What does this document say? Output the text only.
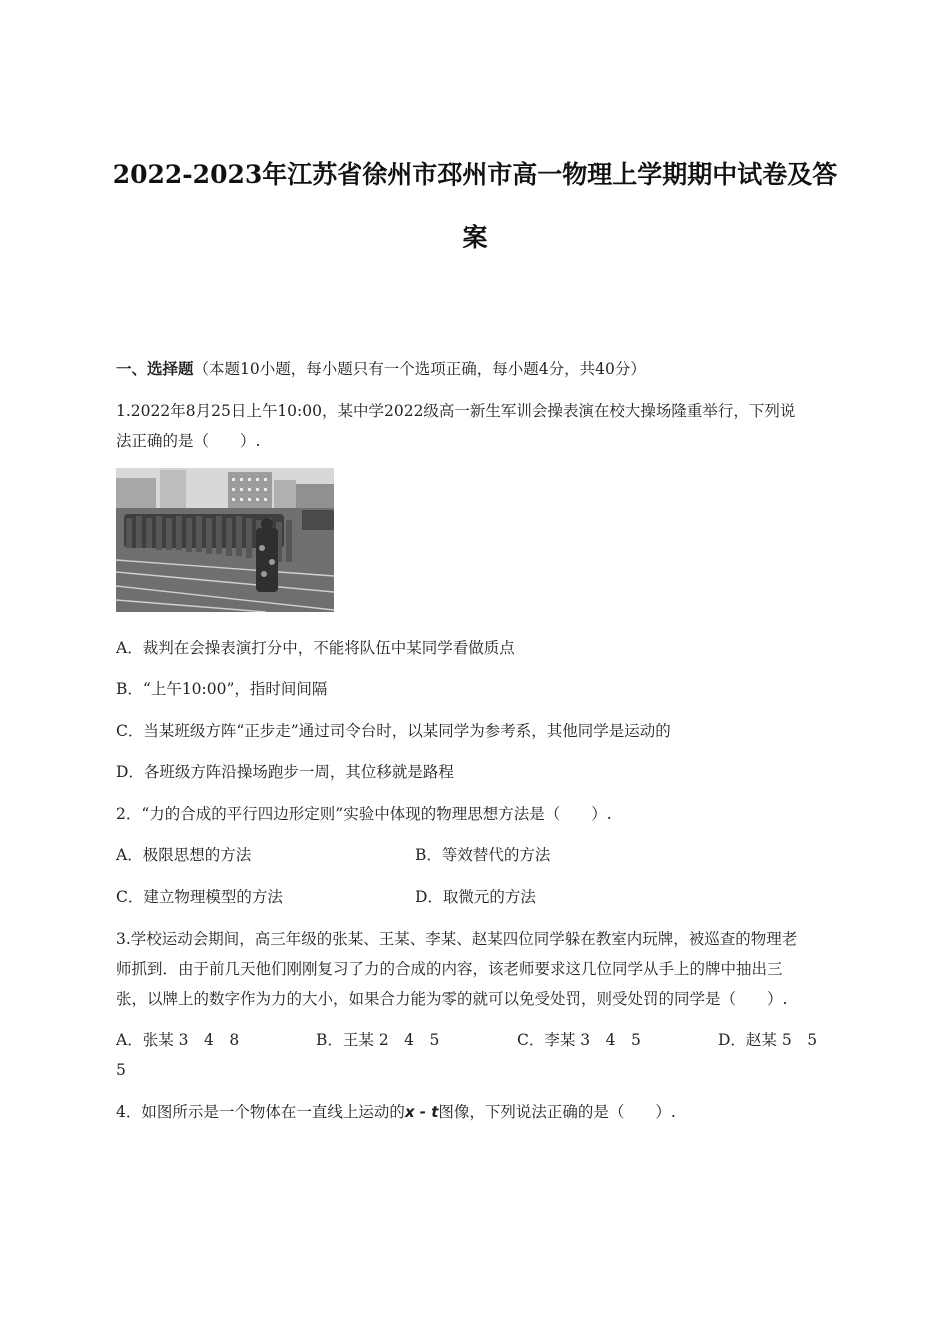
2022-2023年江苏省徐州市邳州市高一物理上学期期中试卷及答
案
一、选择题（本题10小题，每小题只有一个选项正确，每小题4分，共40分）
1.2022年8月25日上午10:00，某中学2022级高一新生军训会操表演在校大操场隆重举行，下列说
法正确的是（　　）.
A．裁判在会操表演打分中，不能将队伍中某同学看做质点
B．“上午10:00”，指时间间隔
C．当某班级方阵“正步走”通过司令台时，以某同学为参考系，其他同学是运动的
D．各班级方阵沿操场跑步一周，其位移就是路程
2．“力的合成的平行四边形定则”实验中体现的物理思想方法是（　　）.
A．极限思想的方法	B．等效替代的方法
C．建立物理模型的方法	D．取微元的方法
3.学校运动会期间，高三年级的张某、王某、李某、赵某四位同学躲在教室内玩牌，被巡查的物理老
师抓到．由于前几天他们刚刚复习了力的合成的内容，该老师要求这几位同学从手上的牌中抽出三
张，以牌上的数字作为力的大小，如果合力能为零的就可以免受处罚，则受处罚的同学是（　　）.
A．张某 3　4　8	B．王某 2　4　5	C．李某 3　4　5	D．赵某 5　5
5
4．如图所示是一个物体在一直线上运动的x - t图像，下列说法正确的是（　　）.
